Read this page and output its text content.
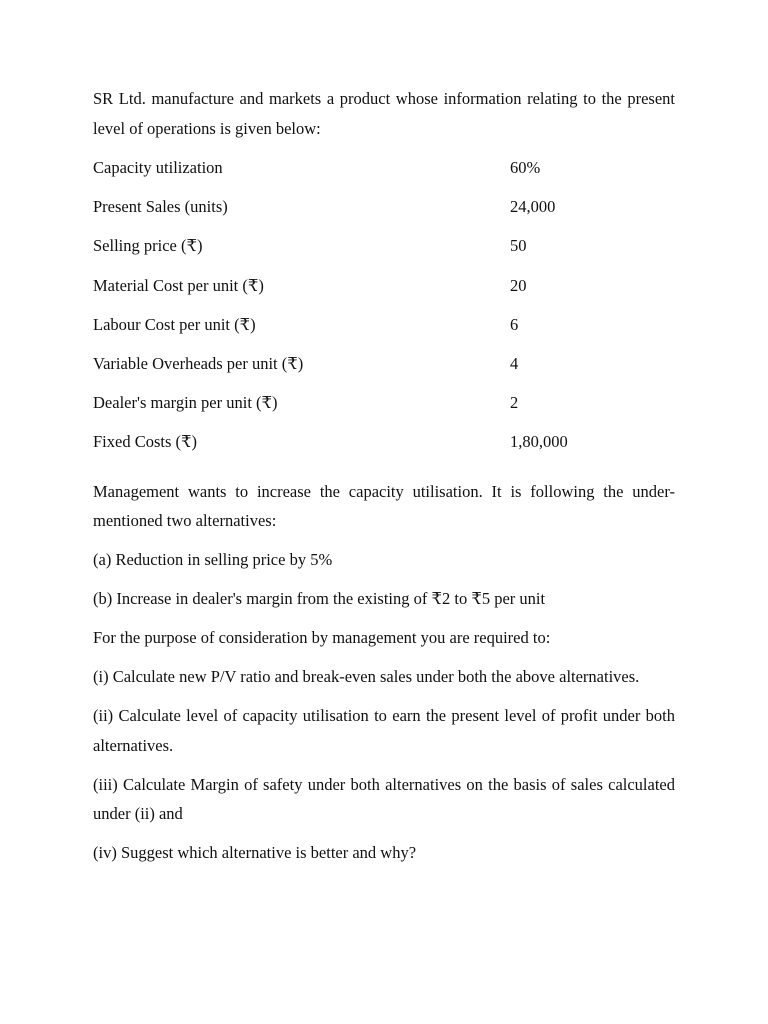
SR Ltd. manufacture and markets a product whose information relating to the present level of operations is given below:

Capacity utilization	60%
Present Sales (units)	24,000
Selling price (₹)	50
Material Cost per unit (₹)	20
Labour Cost per unit (₹)	6
Variable Overheads per unit (₹)	4
Dealer's margin per unit (₹)	2
Fixed Costs (₹)	1,80,000

Management wants to increase the capacity utilisation. It is following the under-mentioned two alternatives:

(a) Reduction in selling price by 5%

(b) Increase in dealer's margin from the existing of ₹2 to ₹5 per unit

For the purpose of consideration by management you are required to:

(i) Calculate new P/V ratio and break-even sales under both the above alternatives.

(ii) Calculate level of capacity utilisation to earn the present level of profit under both alternatives.

(iii) Calculate Margin of safety under both alternatives on the basis of sales calculated under (ii) and

(iv) Suggest which alternative is better and why?
